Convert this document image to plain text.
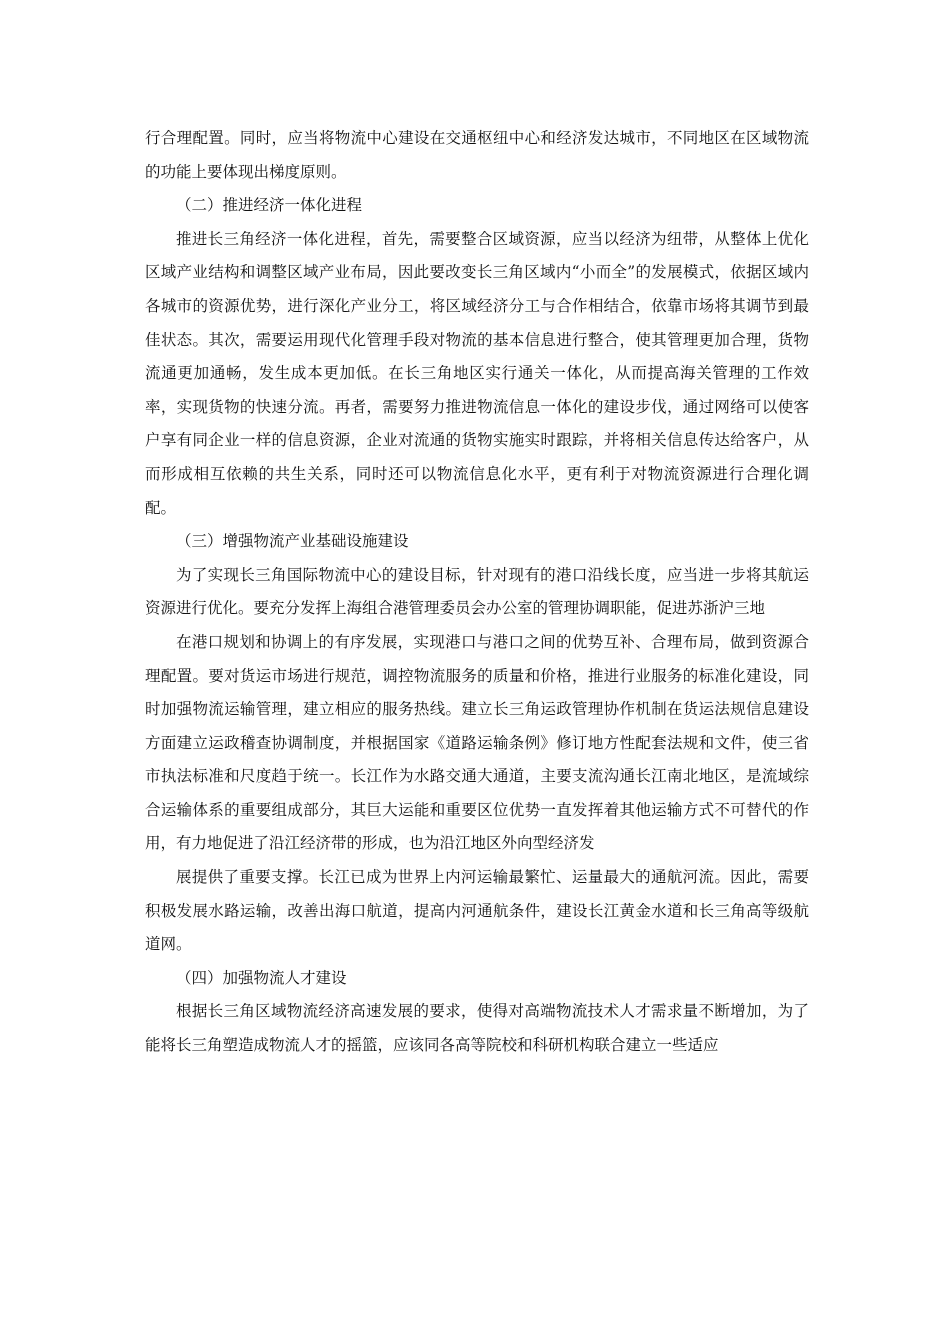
行合理配置。同时，应当将物流中心建设在交通枢纽中心和经济发达城市，不同地区在区域物流的功能上要体现出梯度原则。

（二）推进经济一体化进程

推进长三角经济一体化进程，首先，需要整合区域资源，应当以经济为纽带，从整体上优化区域产业结构和调整区域产业布局，因此要改变长三角区域内“小而全”的发展模式，依据区域内各城市的资源优势，进行深化产业分工，将区域经济分工与合作相结合，依靠市场将其调节到最佳状态。其次，需要运用现代化管理手段对物流的基本信息进行整合，使其管理更加合理，货物流通更加通畅，发生成本更加低。在长三角地区实行通关一体化，从而提高海关管理的工作效率，实现货物的快速分流。再者，需要努力推进物流信息一体化的建设步伐，通过网络可以使客户享有同企业一样的信息资源，企业对流通的货物实施实时跟踪，并将相关信息传达给客户，从而形成相互依赖的共生关系，同时还可以物流信息化水平，更有利于对物流资源进行合理化调配。

（三）增强物流产业基础设施建设

为了实现长三角国际物流中心的建设目标，针对现有的港口沿线长度，应当进一步将其航运资源进行优化。要充分发挥上海组合港管理委员会办公室的管理协调职能，促进苏浙沪三地

在港口规划和协调上的有序发展，实现港口与港口之间的优势互补、合理布局，做到资源合理配置。要对货运市场进行规范，调控物流服务的质量和价格，推进行业服务的标准化建设，同时加强物流运输管理，建立相应的服务热线。建立长三角运政管理协作机制在货运法规信息建设方面建立运政稽查协调制度，并根据国家《道路运输条例》修订地方性配套法规和文件，使三省市执法标准和尺度趋于统一。长江作为水路交通大通道，主要支流沟通长江南北地区，是流域综合运输体系的重要组成部分，其巨大运能和重要区位优势一直发挥着其他运输方式不可替代的作用，有力地促进了沿江经济带的形成，也为沿江地区外向型经济发

展提供了重要支撑。长江已成为世界上内河运输最繁忙、运量最大的通航河流。因此，需要积极发展水路运输，改善出海口航道，提高内河通航条件，建设长江黄金水道和长三角高等级航道网。

（四）加强物流人才建设

根据长三角区域物流经济高速发展的要求，使得对高端物流技术人才需求量不断增加，为了能将长三角塑造成物流人才的摇篮，应该同各高等院校和科研机构联合建立一些适应
